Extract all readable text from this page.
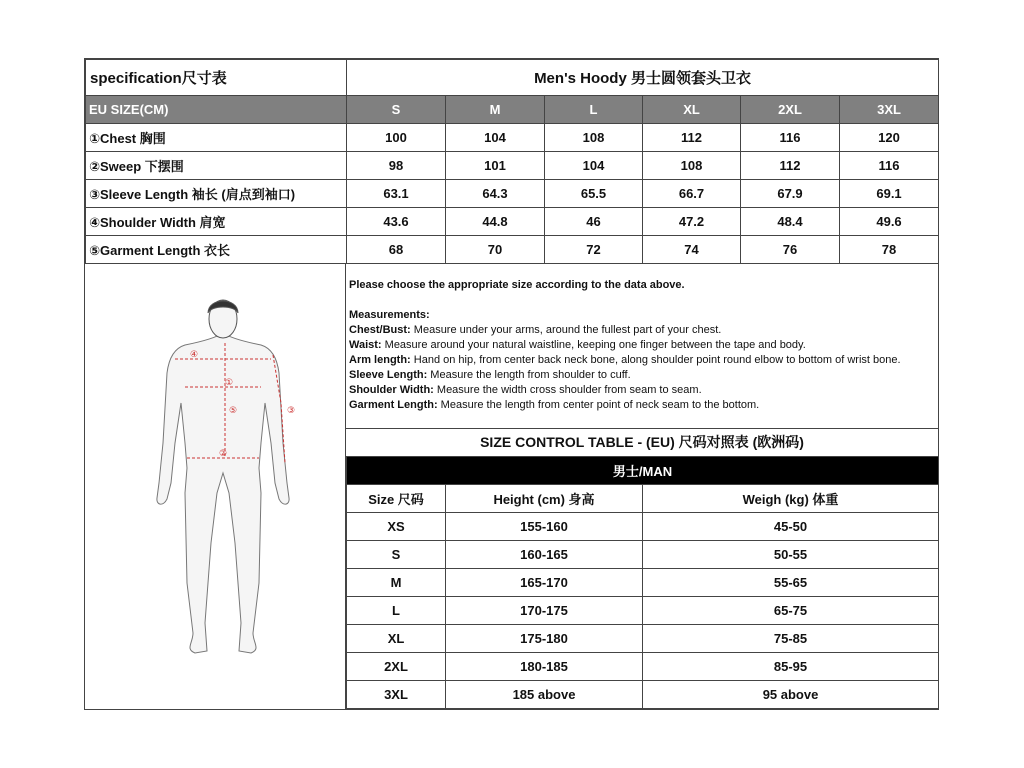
specification尺寸表	Men's Hoody 男士圆领套头卫衣					
EU SIZE(CM)	S	M	L	XL	2XL	3XL
①Chest 胸围	100	104	108	112	116	120
②Sweep 下摆围	98	101	104	108	112	116
③Sleeve Length 袖长 (肩点到袖口)	63.1	64.3	65.5	66.7	67.9	69.1
④Shoulder Width 肩宽	43.6	44.8	46	47.2	48.4	49.6
⑤Garment Length 衣长	68	70	72	74	76	78
④
①
⑤	③
②
Please choose the appropriate size according to the data above.
Measurements:
Chest/Bust: Measure under your arms, around the fullest part of your chest.
Waist: Measure around your natural waistline, keeping one finger between the tape and body.
Arm length: Hand on hip, from center back neck bone, along shoulder point round elbow to bottom of wrist bone.
Sleeve Length: Measure the length from shoulder to cuff.
Shoulder Width: Measure the width cross shoulder from seam to seam.
Garment Length: Measure the length from center point of neck seam to the bottom.
SIZE CONTROL TABLE - (EU) 尺码对照表 (欧洲码)
男士/MAN		
Size 尺码	Height (cm) 身高	Weigh (kg) 体重
XS	155-160	45-50
S	160-165	50-55
M	165-170	55-65
L	170-175	65-75
XL	175-180	75-85
2XL	180-185	85-95
3XL	185 above	95 above
